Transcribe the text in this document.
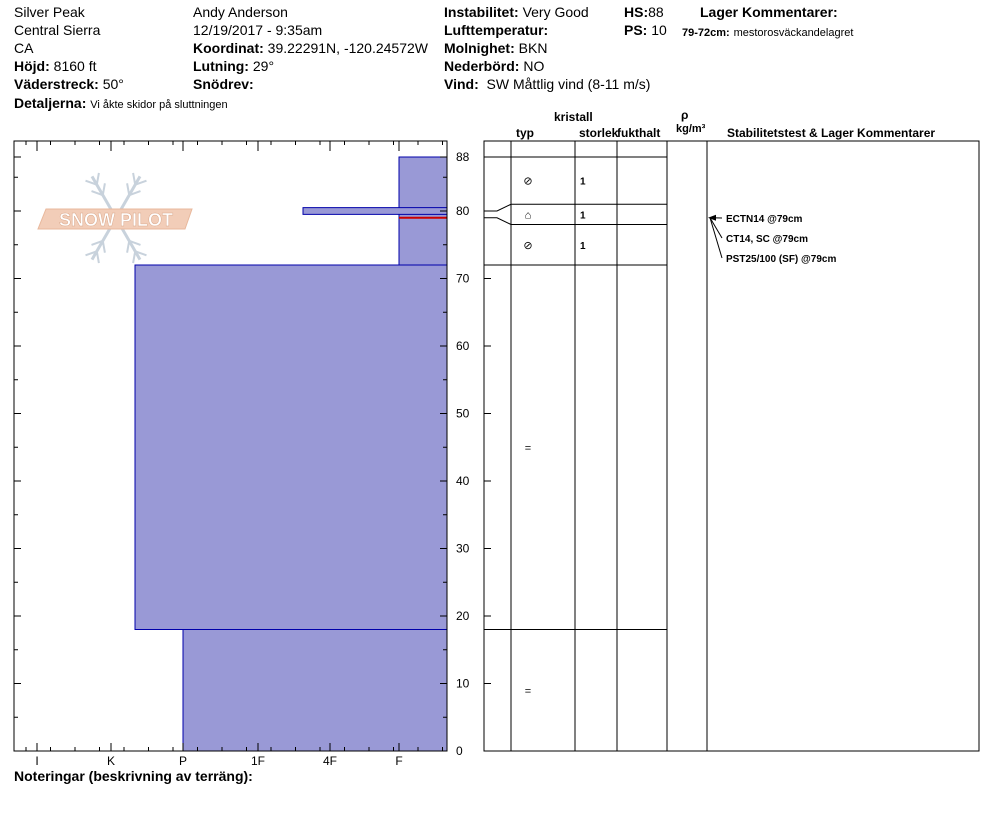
Silver Peak
Central Sierra
CA
Höjd: 8160 ft
Väderstreck: 50°
Detaljerna: Vi åkte skidor på sluttningen
Andy Anderson
12/19/2017 - 9:35am
Koordinat: 39.22291N, -120.24572W
Lutning: 29°
Snödrev:
Instabilitet: Very Good
Lufttemperatur:
Molnighet: BKN
Nederbörd: NO
Vind: SW Måttlig vind (8-11 m/s)
HS:88
PS: 10
Lager Kommentarer:
79-72cm: mestorosväckandelagret
kristall
typ	storlek
fukthalt
ρ
kg/m³ Stabilitetstest & Lager Kommentarer
SNOW PILOT
0
10
20
30
40
50
60
70
80
88
I	K	P	1F	4F	F
⊘	1
⌂	1
⊘	1
=
=
ECTN14 @79cm
CT14, SC @79cm
PST25/100 (SF) @79cm
Noteringar (beskrivning av terräng):
